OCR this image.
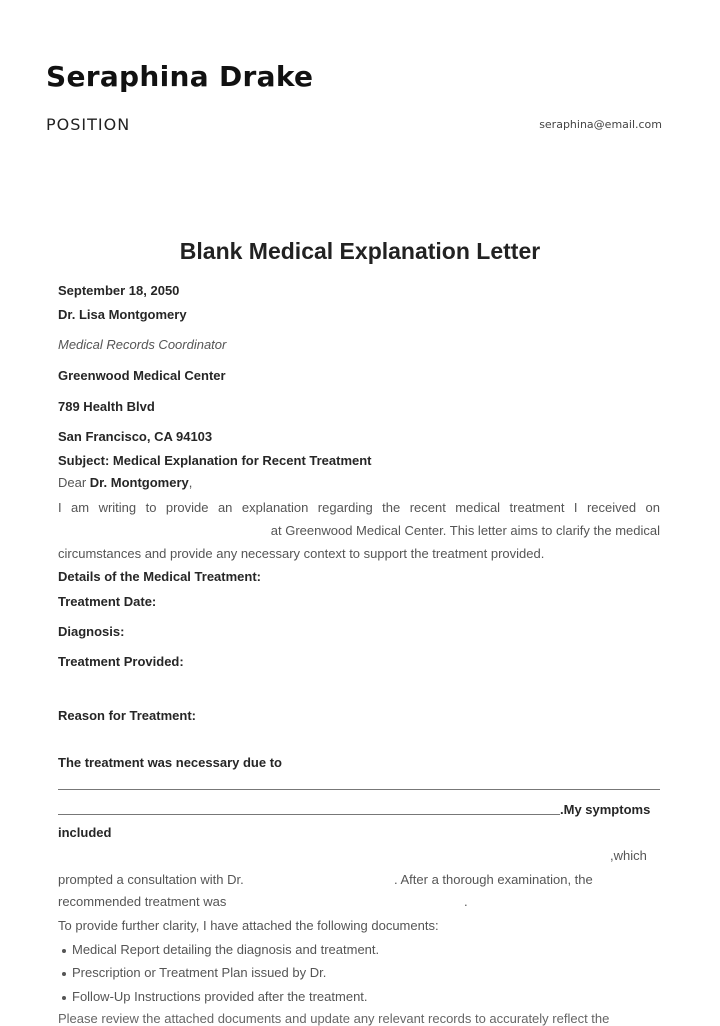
Seraphina Drake
POSITION	seraphina@email.com
Blank Medical Explanation Letter
September 18, 2050
Dr. Lisa Montgomery
Medical Records Coordinator
Greenwood Medical Center
789 Health Blvd
San Francisco, CA 94103
Subject: Medical Explanation for Recent Treatment
Dear Dr. Montgomery,
I am writing to provide an explanation regarding the recent medical treatment I received on
at Greenwood Medical Center. This letter aims to clarify the medical
circumstances and provide any necessary context to support the treatment provided.
Details of the Medical Treatment:
Treatment Date:
Diagnosis:
Treatment Provided:
Reason for Treatment:
The treatment was necessary due to
.My symptoms
included
,which
prompted a consultation with Dr.	. After a thorough examination, the
recommended treatment was	.
To provide further clarity, I have attached the following documents:
Medical Report detailing the diagnosis and treatment.
Prescription or Treatment Plan issued by Dr.
Follow-Up Instructions provided after the treatment.
Please review the attached documents and update any relevant records to accurately reflect the
